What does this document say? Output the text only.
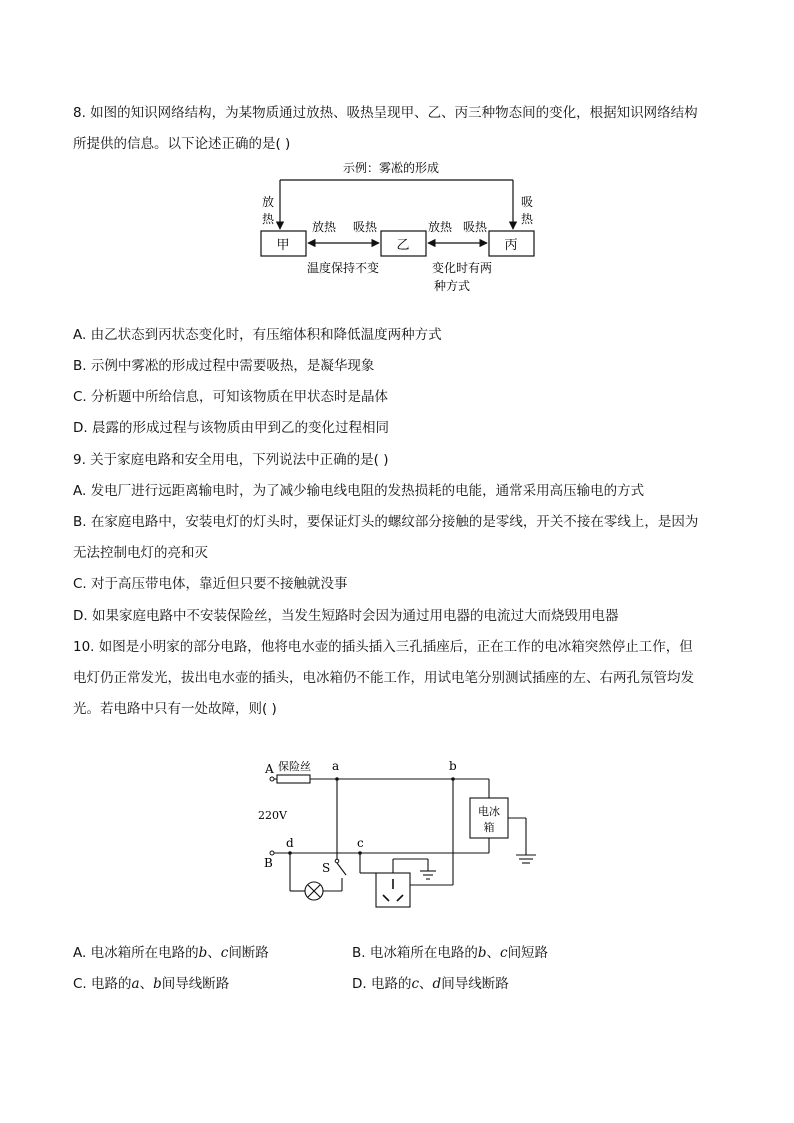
8. 如图的知识网络结构，为某物质通过放热、吸热呈现甲、乙、丙三种物态间的变化，根据知识网络结构
所提供的信息。以下论述正确的是( )
示例：雾凇的形成
放
热
吸
热
甲	乙	丙
放热 吸热	放热 吸热
温度保持不变	变化时有两
种方式
A. 由乙状态到丙状态变化时，有压缩体积和降低温度两种方式
B. 示例中雾凇的形成过程中需要吸热，是凝华现象
C. 分析题中所给信息，可知该物质在甲状态时是晶体
D. 晨露的形成过程与该物质由甲到乙的变化过程相同
9. 关于家庭电路和安全用电，下列说法中正确的是( )
A. 发电厂进行远距离输电时，为了减少输电线电阻的发热损耗的电能，通常采用高压输电的方式
B. 在家庭电路中，安装电灯的灯头时，要保证灯头的螺纹部分接触的是零线，开关不接在零线上，是因为
无法控制电灯的亮和灭
C. 对于高压带电体，靠近但只要不接触就没事
D. 如果家庭电路中不安装保险丝，当发生短路时会因为通过用电器的电流过大而烧毁用电器
10. 如图是小明家的部分电路，他将电水壶的插头插入三孔插座后，正在工作的电冰箱突然停止工作，但
电灯仍正常发光，拔出电水壶的插头，电冰箱仍不能工作，用试电笔分别测试插座的左、右两孔氖管均发
光。若电路中只有一处故障，则( )
A 保险丝 a	b
电冰
箱
220V
B
d	c
S
A. 电冰箱所在电路的b、c间断路	B. 电冰箱所在电路的b、c间短路
C. 电路的a、b间导线断路	D. 电路的c、d间导线断路
